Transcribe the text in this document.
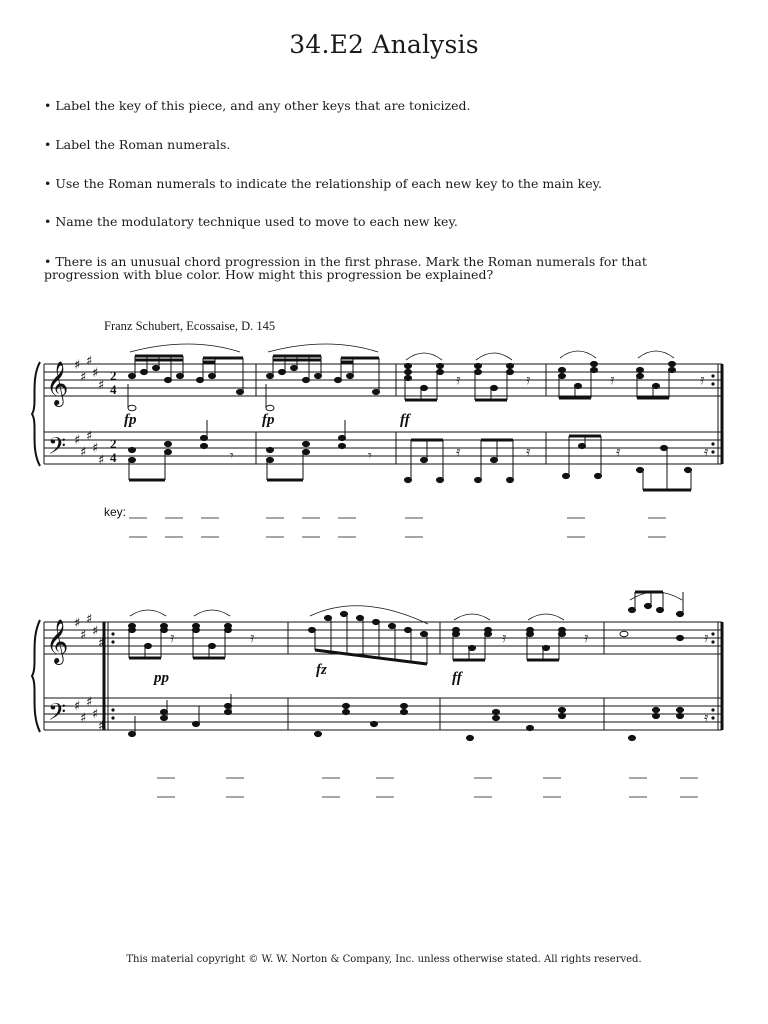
34.E2 Analysis
• Label the key of this piece, and any other keys that are tonicized.
• Label the Roman numerals.
• Use the Roman numerals to indicate the relationship of each new key to the main key.
• Name the modulatory technique used to move to each new key.
• There is an unusual chord progression in the first phrase. Mark the Roman numerals for that progression with blue color. How might this progression be explained?
Franz Schubert, Ecossaise, D. 145
𝄞
𝄢
♯
♯
♯
♯
♯
♯
♯
♯
♯
♯
2
4
2
4	𝄾	𝄾
𝄿	𝄿	𝄿	𝄿
𝄿	𝄿	𝄿	𝄿
fp	fp	ff
key:
𝄞
𝄢
♯
♯
♯
♯
♯
♯
♯
♯
♯
♯
𝄿	𝄿	𝄿	𝄿	𝄿
𝄿
pp	fz	ff
This material copyright © W. W. Norton & Company, Inc. unless otherwise stated. All rights reserved.
